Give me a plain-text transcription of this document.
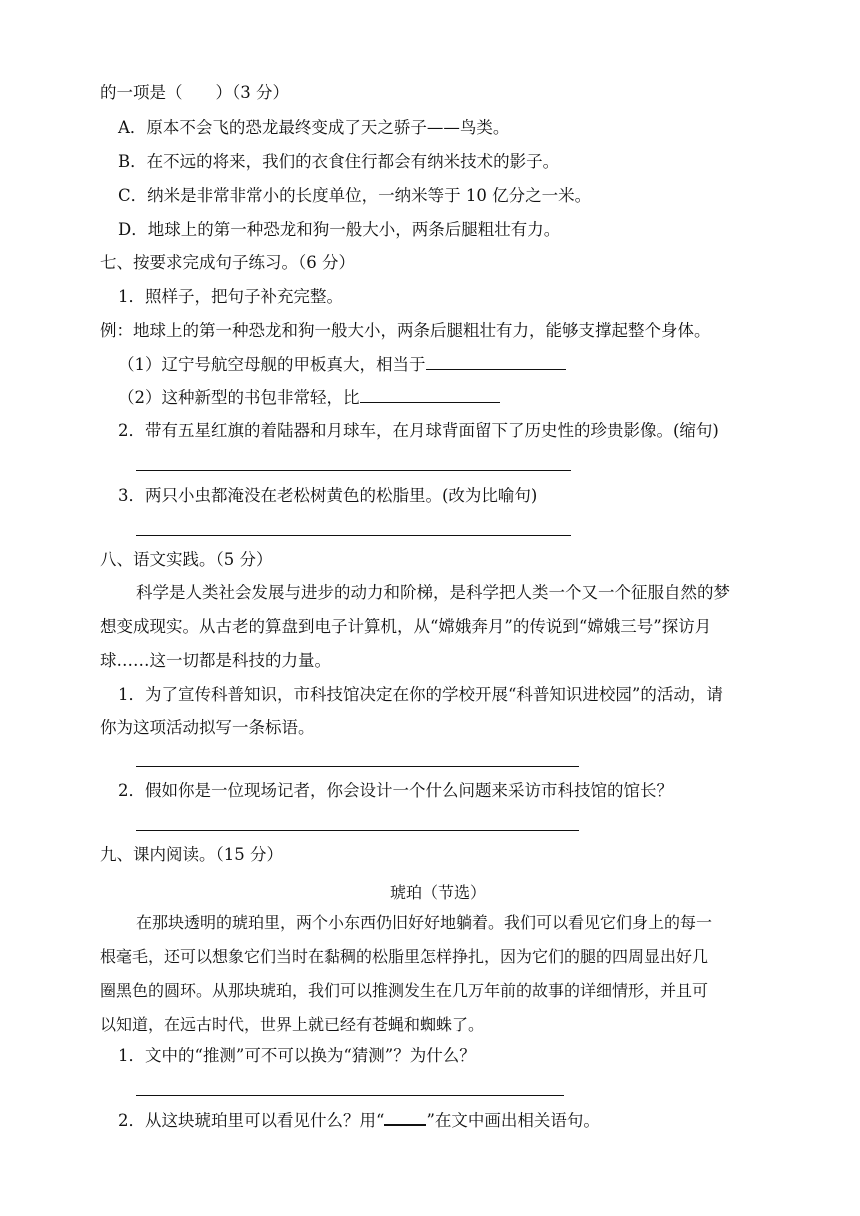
的一项是（　　）（3 分）
A．原本不会飞的恐龙最终变成了天之骄子——鸟类。
B．在不远的将来，我们的衣食住行都会有纳米技术的影子。
C．纳米是非常非常小的长度单位，一纳米等于 10 亿分之一米。
D．地球上的第一种恐龙和狗一般大小，两条后腿粗壮有力。
七、按要求完成句子练习。（6 分）
1．照样子，把句子补充完整。
例：地球上的第一种恐龙和狗一般大小，两条后腿粗壮有力，能够支撑起整个身体。
（1）辽宁号航空母舰的甲板真大，相当于
（2）这种新型的书包非常轻，比
2．带有五星红旗的着陆器和月球车，在月球背面留下了历史性的珍贵影像。(缩句)
3．两只小虫都淹没在老松树黄色的松脂里。(改为比喻句)
八、语文实践。（5 分）
科学是人类社会发展与进步的动力和阶梯，是科学把人类一个又一个征服自然的梦
想变成现实。从古老的算盘到电子计算机，从“嫦娥奔月”的传说到“嫦娥三号”探访月
球……这一切都是科技的力量。
1．为了宣传科普知识，市科技馆决定在你的学校开展“科普知识进校园”的活动，请
你为这项活动拟写一条标语。
2．假如你是一位现场记者，你会设计一个什么问题来采访市科技馆的馆长？
九、课内阅读。（15 分）
琥珀（节选）
在那块透明的琥珀里，两个小东西仍旧好好地躺着。我们可以看见它们身上的每一
根毫毛，还可以想象它们当时在黏稠的松脂里怎样挣扎，因为它们的腿的四周显出好几
圈黑色的圆环。从那块琥珀，我们可以推测发生在几万年前的故事的详细情形，并且可
以知道，在远古时代，世界上就已经有苍蝇和蜘蛛了。
1．文中的“推测”可不可以换为“猜测”？为什么？
2．从这块琥珀里可以看见什么？用“	”在文中画出相关语句。
